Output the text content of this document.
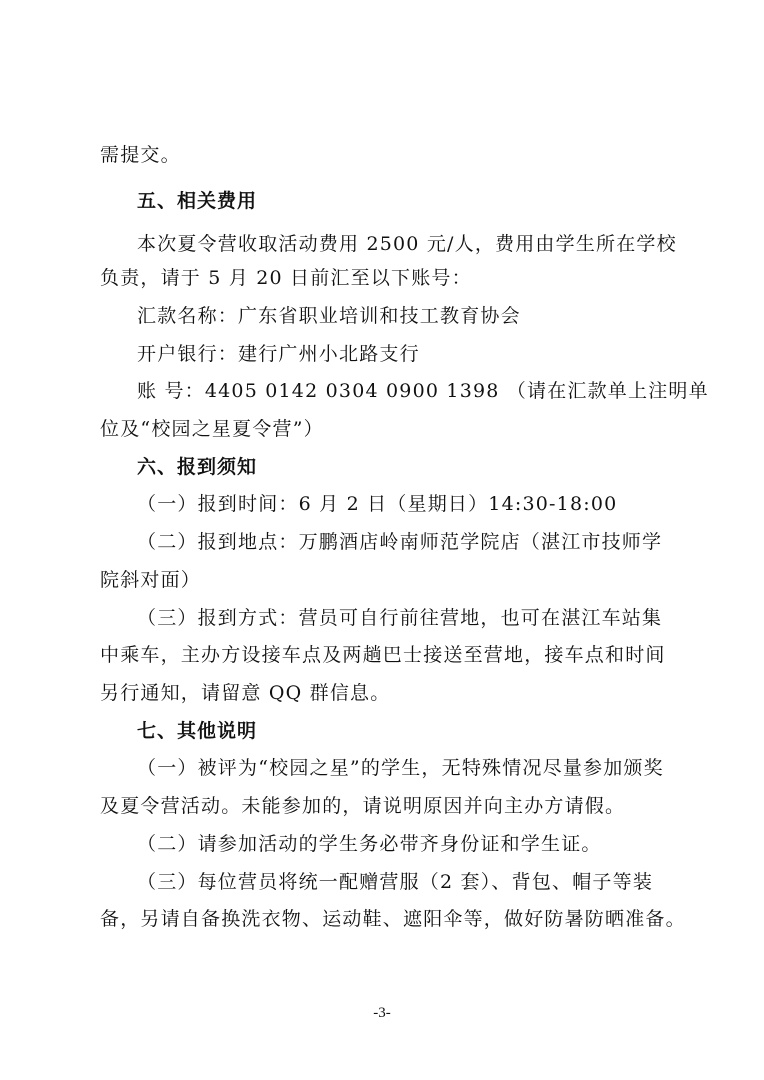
需提交。
五、相关费用
本次夏令营收取活动费用 2500 元/人，费用由学生所在学校
负责，请于 5 月 20 日前汇至以下账号：
汇款名称：广东省职业培训和技工教育协会
开户银行：建行广州小北路支行
账 号：4405 0142 0304 0900 1398 （请在汇款单上注明单
位及“校园之星夏令营”）
六、报到须知
（一）报到时间：6 月 2 日（星期日）14:30-18:00
（二）报到地点：万鹏酒店岭南师范学院店（湛江市技师学
院斜对面）
（三）报到方式：营员可自行前往营地，也可在湛江车站集
中乘车，主办方设接车点及两趟巴士接送至营地，接车点和时间
另行通知，请留意 QQ 群信息。
七、其他说明
（一）被评为“校园之星”的学生，无特殊情况尽量参加颁奖
及夏令营活动。未能参加的，请说明原因并向主办方请假。
（二）请参加活动的学生务必带齐身份证和学生证。
（三）每位营员将统一配赠营服（2 套）、背包、帽子等装
备，另请自备换洗衣物、运动鞋、遮阳伞等，做好防暑防晒准备。
-3-
